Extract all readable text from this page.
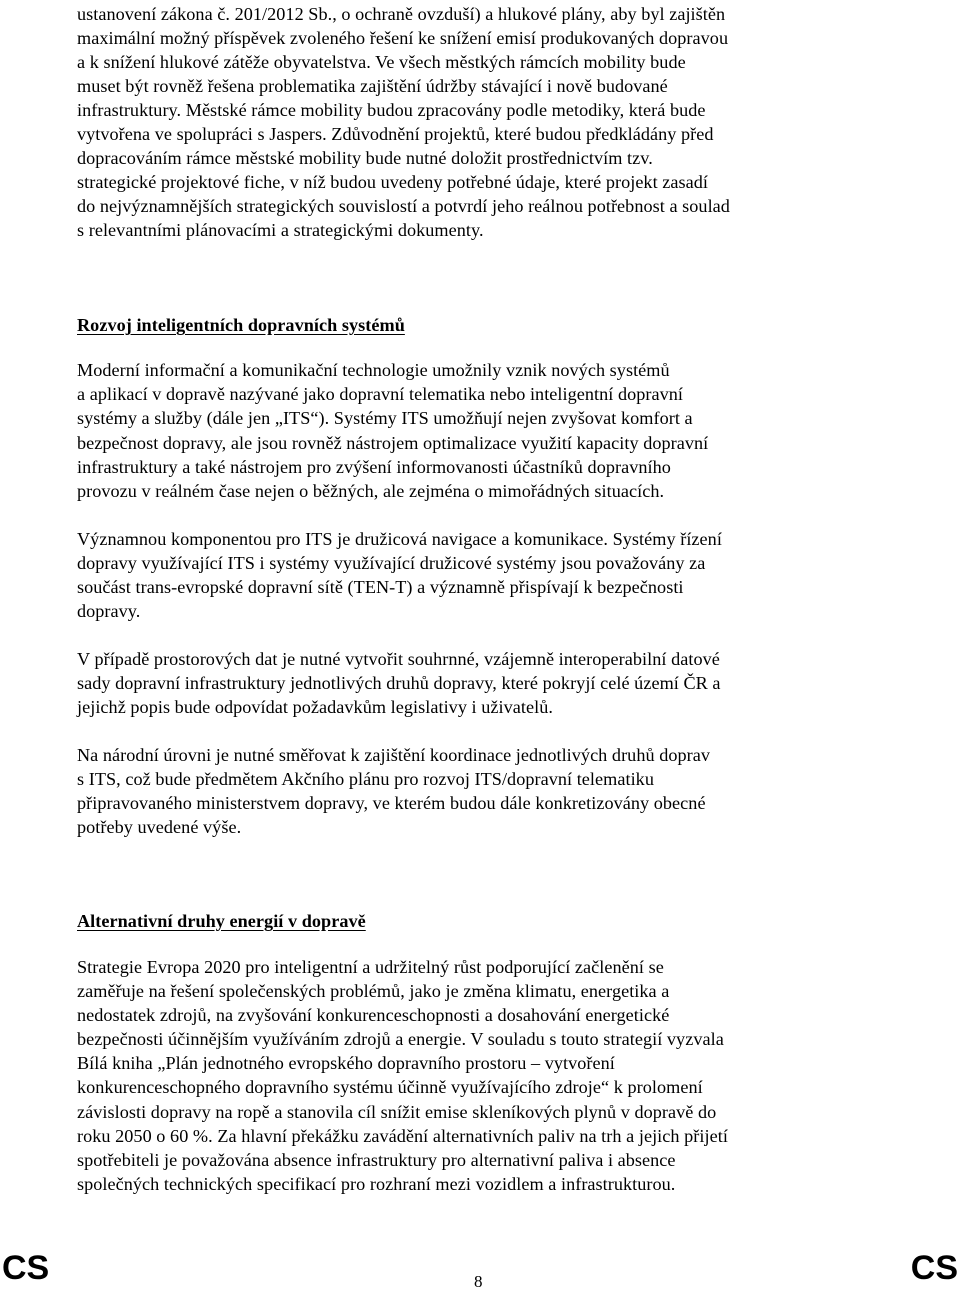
ustanovení zákona č. 201/2012 Sb., o ochraně ovzduší) a hlukové plány, aby byl zajištěn
maximální možný příspěvek zvoleného řešení ke snížení emisí produkovaných dopravou
a k snížení hlukové zátěže obyvatelstva. Ve všech městkých rámcích mobility bude
muset být rovněž řešena problematika zajištění údržby stávající i nově budované
infrastruktury. Městské rámce mobility budou zpracovány podle metodiky, která bude
vytvořena ve spolupráci s Jaspers. Zdůvodnění projektů, které budou předkládány před
dopracováním rámce městské mobility bude nutné doložit prostřednictvím tzv.
strategické projektové fiche, v níž budou uvedeny potřebné údaje, které projekt zasadí
do nejvýznamnějších strategických souvislostí a potvrdí jeho reálnou potřebnost a soulad
s relevantními plánovacími a strategickými dokumenty.
Rozvoj inteligentních dopravních systémů
Moderní informační a komunikační technologie umožnily vznik nových systémů
a aplikací v dopravě nazývané jako dopravní telematika nebo inteligentní dopravní
systémy a služby (dále jen „ITS“). Systémy ITS umožňují nejen zvyšovat komfort a
bezpečnost dopravy, ale jsou rovněž nástrojem optimalizace využití kapacity dopravní
infrastruktury a také nástrojem pro zvýšení informovanosti účastníků dopravního
provozu v reálném čase nejen o běžných, ale zejména o mimořádných situacích.
Významnou komponentou pro ITS je družicová navigace a komunikace. Systémy řízení
dopravy využívající ITS i systémy využívající družicové systémy jsou považovány za
součást trans-evropské dopravní sítě (TEN-T) a významně přispívají k bezpečnosti
dopravy.
V případě prostorových dat je nutné vytvořit souhrnné, vzájemně interoperabilní datové
sady dopravní infrastruktury jednotlivých druhů dopravy, které pokryjí celé území ČR a
jejichž popis bude odpovídat požadavkům legislativy i uživatelů.
Na národní úrovni je nutné směřovat k zajištění koordinace jednotlivých druhů doprav
s ITS, což bude předmětem Akčního plánu pro rozvoj ITS/dopravní telematiku
připravovaného ministerstvem dopravy, ve kterém budou dále konkretizovány obecné
potřeby uvedené výše.
Alternativní druhy energií v dopravě
Strategie Evropa 2020 pro inteligentní a udržitelný růst podporující začlenění se
zaměřuje na řešení společenských problémů, jako je změna klimatu, energetika a
nedostatek zdrojů, na zvyšování konkurenceschopnosti a dosahování energetické
bezpečnosti účinnějším využíváním zdrojů a energie. V souladu s touto strategií vyzvala
Bílá kniha „Plán jednotného evropského dopravního prostoru – vytvoření
konkurenceschopného dopravního systému účinně využívajícího zdroje“ k prolomení
závislosti dopravy na ropě a stanovila cíl snížit emise skleníkových plynů v dopravě do
roku 2050 o 60 %. Za hlavní překážku zavádění alternativních paliv na trh a jejich přijetí
spotřebiteli je považována absence infrastruktury pro alternativní paliva i absence
společných technických specifikací pro rozhraní mezi vozidlem a infrastrukturou.
CS	8	CS
